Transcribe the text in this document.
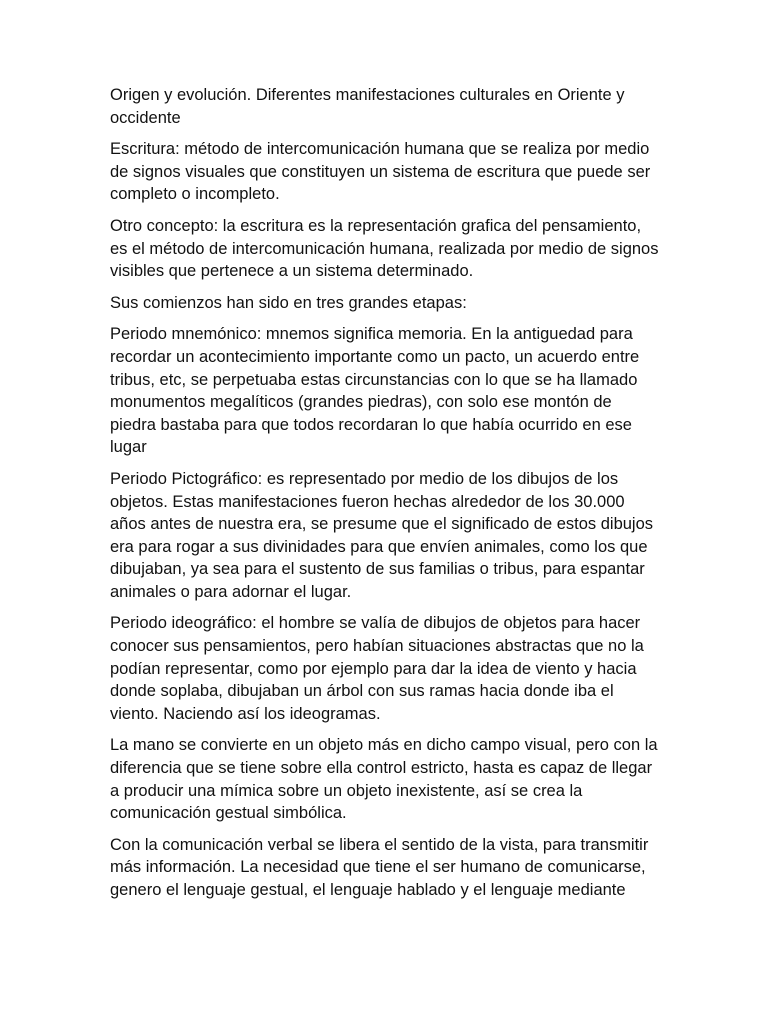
Origen y evolución. Diferentes manifestaciones culturales en Oriente y occidente

Escritura: método de intercomunicación humana que se realiza por medio de signos visuales que constituyen un sistema de escritura que puede ser completo o incompleto.

Otro concepto: la escritura es la representación grafica del pensamiento, es el método de intercomunicación humana, realizada por medio de signos visibles que pertenece a un sistema determinado.

Sus comienzos han sido en tres grandes etapas:

Periodo mnemónico: mnemos significa memoria. En la antiguedad para recordar un acontecimiento importante como un pacto, un acuerdo entre tribus, etc, se perpetuaba estas circunstancias con lo que se ha llamado monumentos megalíticos (grandes piedras), con solo ese montón de piedra bastaba para que todos recordaran lo que había ocurrido en ese lugar

Periodo Pictográfico: es representado por medio de los dibujos de los objetos. Estas manifestaciones fueron hechas alrededor de los 30.000 años antes de nuestra era, se presume que el significado de estos dibujos era para rogar a sus divinidades para que envíen animales, como los que dibujaban, ya sea para el sustento de sus familias o tribus, para espantar animales o para adornar el lugar.

Periodo ideográfico: el hombre se valía de dibujos de objetos para hacer conocer sus pensamientos, pero habían situaciones abstractas que no la podían representar, como por ejemplo para dar la idea de viento y hacia donde soplaba, dibujaban un árbol con sus ramas hacia donde iba el viento. Naciendo así los ideogramas.

La mano se convierte en un objeto más en dicho campo visual, pero con la diferencia que se tiene sobre ella control estricto, hasta es capaz de llegar a producir una mímica sobre un objeto inexistente, así se crea la comunicación gestual simbólica.

Con la comunicación verbal se libera el sentido de la vista, para transmitir más información. La necesidad que tiene el ser humano de comunicarse, genero el lenguaje gestual, el lenguaje hablado y el lenguaje mediante
